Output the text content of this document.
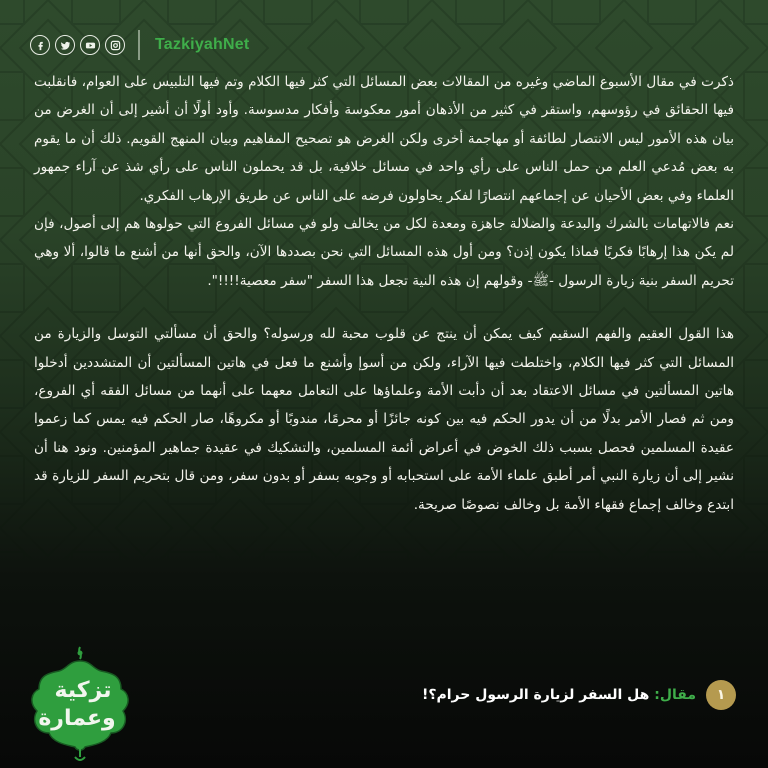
TazkiyahNet

ذكرت في مقال الأسبوع الماضي وغيره من المقالات بعض المسائل التي كثر فيها الكلام وتم فيها التلبيس على العوام، فانقلبت فيها الحقائق في رؤوسهم، واستقر في كثير من الأذهان أمور معكوسة وأفكار مدسوسة. وأود أولًا أن أشير إلى أن الغرض من بيان هذه الأمور ليس الانتصار لطائفة أو مهاجمة أخرى ولكن الغرض هو تصحيح المفاهيم وبيان المنهج القويم. ذلك أن ما يقوم به بعض مُدعي العلم من حمل الناس على رأي واحد في مسائل خلافية، بل قد يحملون الناس على رأي شذ عن آراء جمهور العلماء وفي بعض الأحيان عن إجماعهم انتصارًا لفكر يحاولون فرضه على الناس عن طريق الإرهاب الفكري.

نعم فالاتهامات بالشرك والبدعة والضلالة جاهزة ومعدة لكل من يخالف ولو في مسائل الفروع التي حولوها هم إلى أصول، فإن لم يكن هذا إرهابًا فكريًا فماذا يكون إذن؟ ومن أول هذه المسائل التي نحن بصددها الآن، والحق أنها من أشنع ما قالوا، ألا وهي تحريم السفر بنية زيارة الرسول -ﷺ- وقولهم إن هذه النية تجعل هذا السفر "سفر معصية!!!!".

هذا القول العقيم والفهم السقيم كيف يمكن أن ينتج عن قلوب محبة لله ورسوله؟ والحق أن مسألتي التوسل والزيارة من المسائل التي كثر فيها الكلام، واختلطت فيها الآراء، ولكن من أسوإ وأشنع ما فعل في هاتين المسألتين أن المتشددين أدخلوا هاتين المسألتين في مسائل الاعتقاد بعد أن دأبت الأمة وعلماؤها على التعامل معهما على أنهما من مسائل الفقه أي الفروع، ومن ثم فصار الأمر بدلًا من أن يدور الحكم فيه بين كونه جائزًا أو محرمًا، مندوبًا أو مكروهًا، صار الحكم فيه يمس كما زعموا عقيدة المسلمين فحصل بسبب ذلك الخوض في أعراض أئمة المسلمين، والتشكيك في عقيدة جماهير المؤمنين. ونود هنا أن نشير إلى أن زيارة النبي أمر أطبق علماء الأمة على استحبابه أو وجوبه بسفر أو بدون سفر، ومن قال بتحريم السفر للزيارة قد ابتدع وخالف إجماع فقهاء الأمة بل وخالف نصوصًا صريحة.

تزكية
وعمارة
١
مقال: هل السفر لزيارة الرسول حرام؟!
